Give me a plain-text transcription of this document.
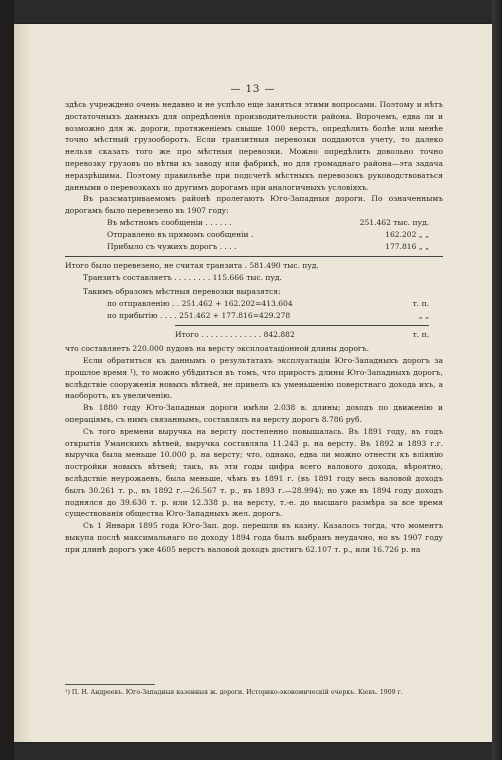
— 13 —

здѣсь учреждено очень недавно и не успѣло еще заняться этими вопросами. Поэтому и нѣтъ достаточныхъ данныхъ для опредѣленія производительности района. Впрочемъ, едва ли и возможно для ж. дороги, протяженіемъ свыше 1000 верстъ, опредѣлить болѣе или менѣе точно мѣстный грузооборотъ. Если транзитныя перевозки поддаются учету, то далеко нельзя сказать того же про мѣстныя перевозки. Можно опредѣлить довольно точно перевозку грузовъ по вѣтви къ заводу или фабрикѣ, но для громаднаго района—эта задача неразрѣшима. Поэтому правильнѣе при подсчетѣ мѣстныхъ перевозокъ руководствоваться данными о перевозкахъ по другимъ дорогамъ при аналогичныхъ условіяхъ.

Въ разсматриваемомъ районѣ пролегаютъ Юго-Западныя дороги. По означеннымъ дорогамъ было перевезено въ 1907 году:

Въ мѣстномъ сообщеніи . . . . . .	251.462 тыс. пуд.
Отправлено въ прямомъ сообщеніи .	162.202 „ „
Прибыло съ чужихъ дорогъ . . . .	177.816 „ „

Итого было перевезено, не считая транзита . 581.490 тыс. пуд.

Транзитъ составляетъ . . . . . . . . 115.666 тыс. пуд.

Такимъ образомъ мѣстныя перевозки выразятся:

по отправленію . . 251.462 + 162.202=413.604	т. п.
по прибытію . . . . 251.462 + 177.816=429.278	„ „
Итого . . . . . . . . . . . . . 842.882	т. п.

что составляетъ 220.000 пудовъ на версту эксплоатаціонной длины дорогъ.

Если обратиться къ даннымъ о результатахъ эксплуатаціи Юго-Западныхъ дорогъ за прошлое время ¹), то можно убѣдиться въ томъ, что приростъ длины Юго-Западныхъ дорогъ, вслѣдствіе сооруженія новыхъ вѣтвей, не привелъ къ уменьшенію поверстнаго дохода ихъ, а наоборотъ, къ увеличенію.

Въ 1880 году Юго-Западныя дороги имѣли 2.038 в. длины; доходъ по движенію и операціямъ, съ нимъ связаннымъ, составлялъ на версту дорогъ 8.786 руб.

Съ того времени выручка на версту постепенно повышалась. Въ 1891 году, въ годъ открытія Уманскихъ вѣтвей, выручка составляла 11.243 р. на версту. Въ 1892 и 1893 г.г. выручка была меньше 10.000 р. на версту; что, однако, едва ли можно отнести къ вліянію постройки новыхъ вѣтвей; такъ, въ эти годы цифра всего валового дохода, вѣроятно, вслѣдствіе неурожаевъ, была меньше, чѣмъ въ 1891 г. (въ 1891 году весь валовой доходъ былъ 30.261 т. р., въ 1892 г.—26.567 т. р., въ 1893 г.—28.994); но уже въ 1894 году доходъ поднялся до 39.630 т. р. или 12.338 р. на версту, т.-е. до высшаго размѣра за все время существованія общества Юго-Западныхъ жел. дорогъ.

Съ 1 Января 1895 года Юго-Зап. дор. перешли въ казну. Казалось тогда, что моментъ выкупа послѣ максимальнаго по доходу 1894 года былъ выбранъ неудачно, но въ 1907 году при длинѣ дорогъ уже 4605 верстъ валовой доходъ достигъ 62.107 т. р., или 16.726 р. на

¹) П. Н. Андреевъ. Юго-Западныя казенныя ж. дороги. Историко-экономическій очеркъ. Кіевъ. 1909 г.
